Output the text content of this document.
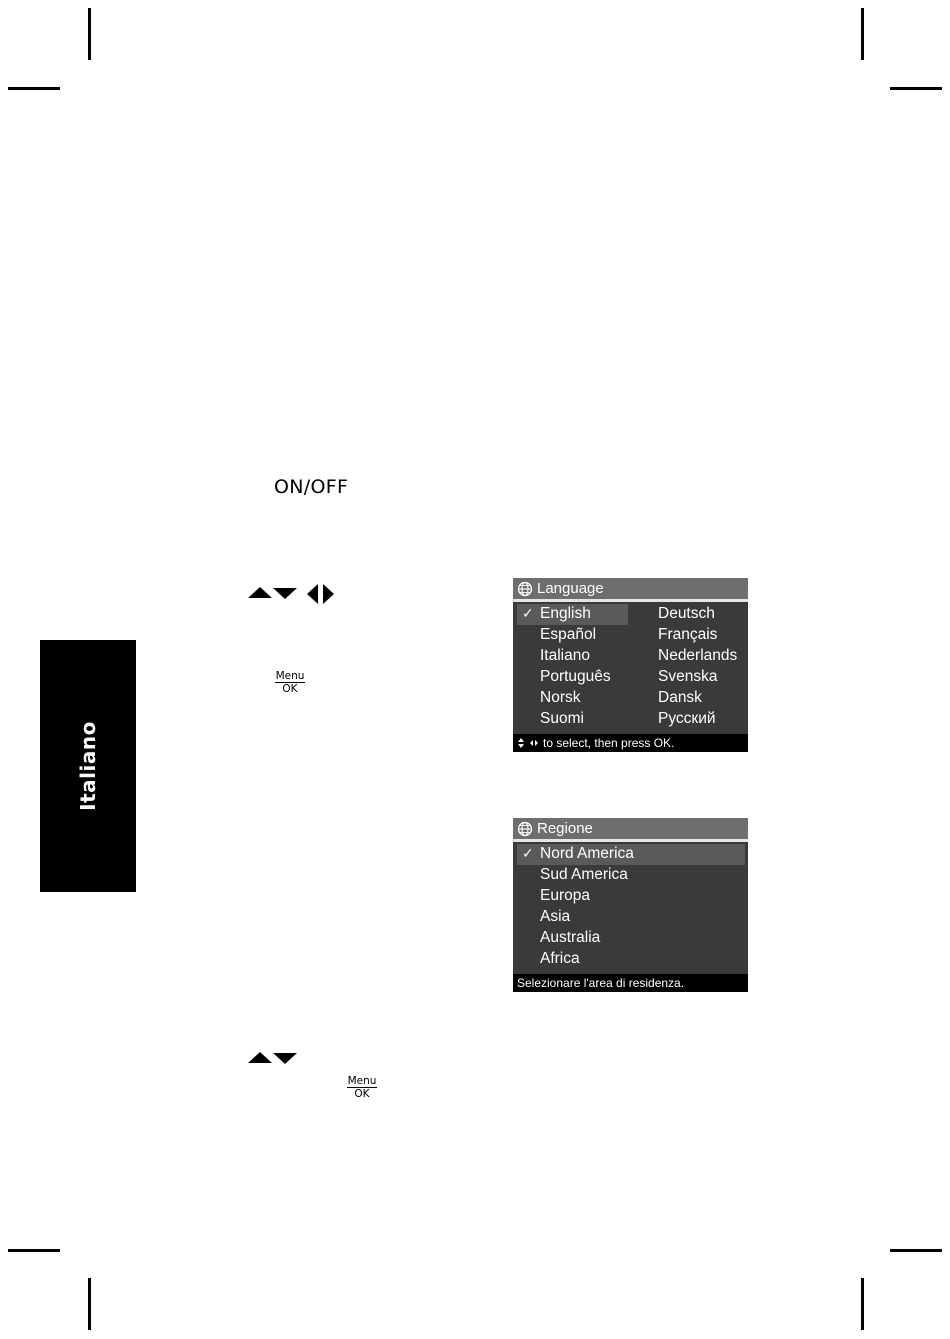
Italiano
ON/OFF
Menu
OK
Language
✓ English	Deutsch
Español	Français
Italiano	Nederlands
Português	Svenska
Norsk	Dansk
Suomi	Русский
to select, then press OK.
Regione
✓ Nord America
Sud America
Europa
Asia
Australia
Africa
Selezionare l'area di residenza.
Menu
OK
